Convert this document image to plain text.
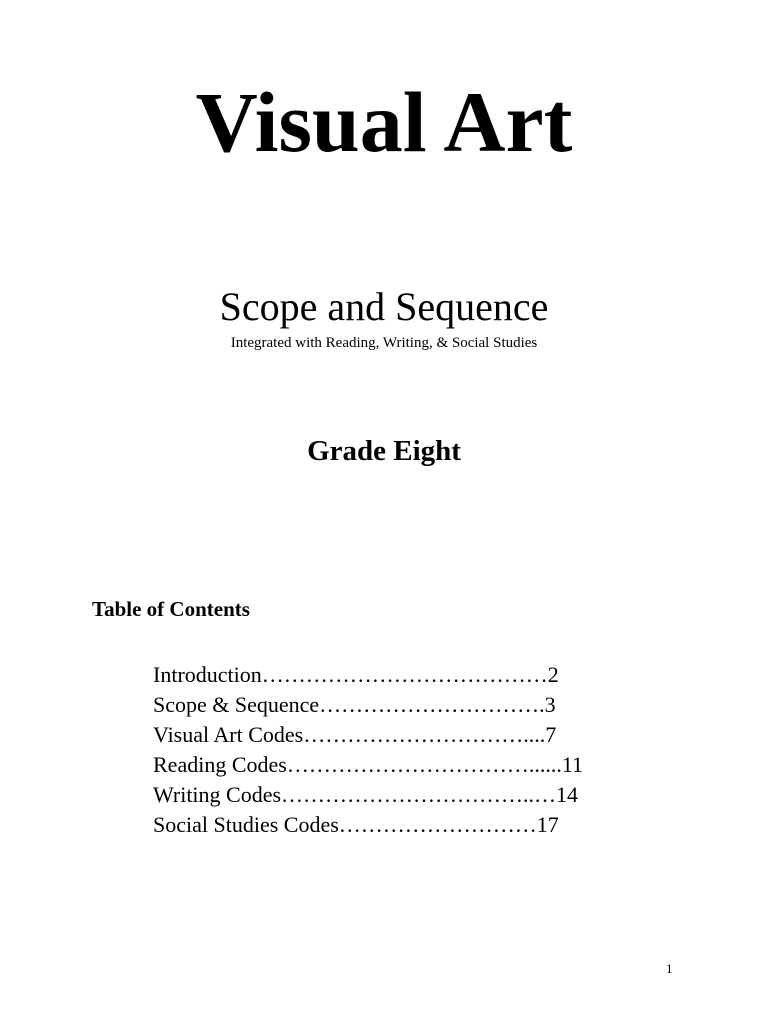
Visual Art
Scope and Sequence
Integrated with Reading, Writing, & Social Studies
Grade Eight
Table of Contents
Introduction…………………………………2
Scope & Sequence………………………….3
Visual Art Codes…………………………....7
Reading Codes……………………………......11
Writing Codes……………………………..…14
Social Studies Codes………………………17
1
